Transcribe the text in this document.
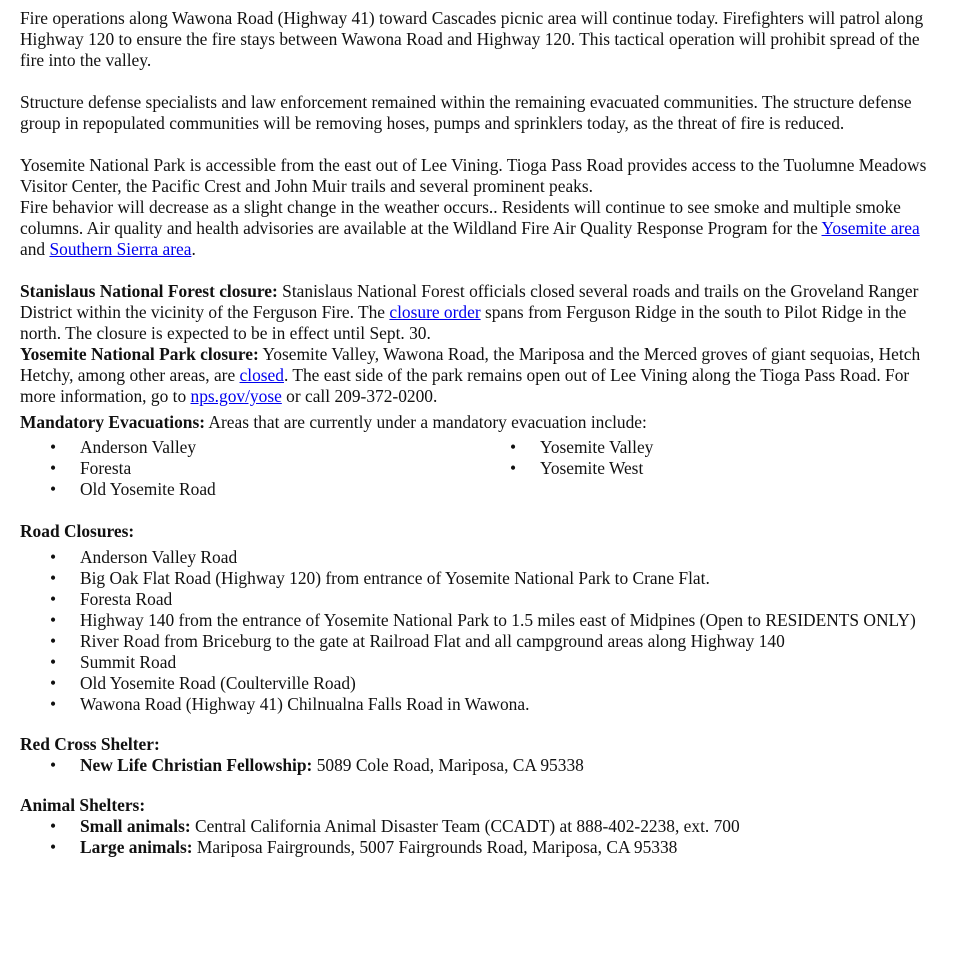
Fire operations along Wawona Road (Highway 41) toward Cascades picnic area will continue today. Firefighters will patrol along Highway 120 to ensure the fire stays between Wawona Road and Highway 120. This tactical operation will prohibit spread of the fire into the valley.

Structure defense specialists and law enforcement remained within the remaining evacuated communities. The structure defense group in repopulated communities will be removing hoses, pumps and sprinklers today, as the threat of fire is reduced.

Yosemite National Park is accessible from the east out of Lee Vining. Tioga Pass Road provides access to the Tuolumne Meadows Visitor Center, the Pacific Crest and John Muir trails and several prominent peaks.

Fire behavior will decrease as a slight change in the weather occurs.. Residents will continue to see smoke and multiple smoke columns. Air quality and health advisories are available at the Wildland Fire Air Quality Response Program for the Yosemite area and Southern Sierra area.

Stanislaus National Forest closure: Stanislaus National Forest officials closed several roads and trails on the Groveland Ranger District within the vicinity of the Ferguson Fire. The closure order spans from Ferguson Ridge in the south to Pilot Ridge in the north. The closure is expected to be in effect until Sept. 30.

Yosemite National Park closure: Yosemite Valley, Wawona Road, the Mariposa and the Merced groves of giant sequoias, Hetch Hetchy, among other areas, are closed. The east side of the park remains open out of Lee Vining along the Tioga Pass Road. For more information, go to nps.gov/yose or call 209-372-0200.

Mandatory Evacuations: Areas that are currently under a mandatory evacuation include:

• Anderson Valley
• Foresta
• Old Yosemite Road
• Yosemite Valley
• Yosemite West

Road Closures:

• Anderson Valley Road
• Big Oak Flat Road (Highway 120) from entrance of Yosemite National Park to Crane Flat.
• Foresta Road
• Highway 140 from the entrance of Yosemite National Park to 1.5 miles east of Midpines (Open to RESIDENTS ONLY)
• River Road from Briceburg to the gate at Railroad Flat and all campground areas along Highway 140
• Summit Road
• Old Yosemite Road (Coulterville Road)
• Wawona Road (Highway 41) Chilnualna Falls Road in Wawona.

Red Cross Shelter:

• New Life Christian Fellowship: 5089 Cole Road, Mariposa, CA 95338

Animal Shelters:

• Small animals: Central California Animal Disaster Team (CCADT) at 888-402-2238, ext. 700
• Large animals: Mariposa Fairgrounds, 5007 Fairgrounds Road, Mariposa, CA 95338
